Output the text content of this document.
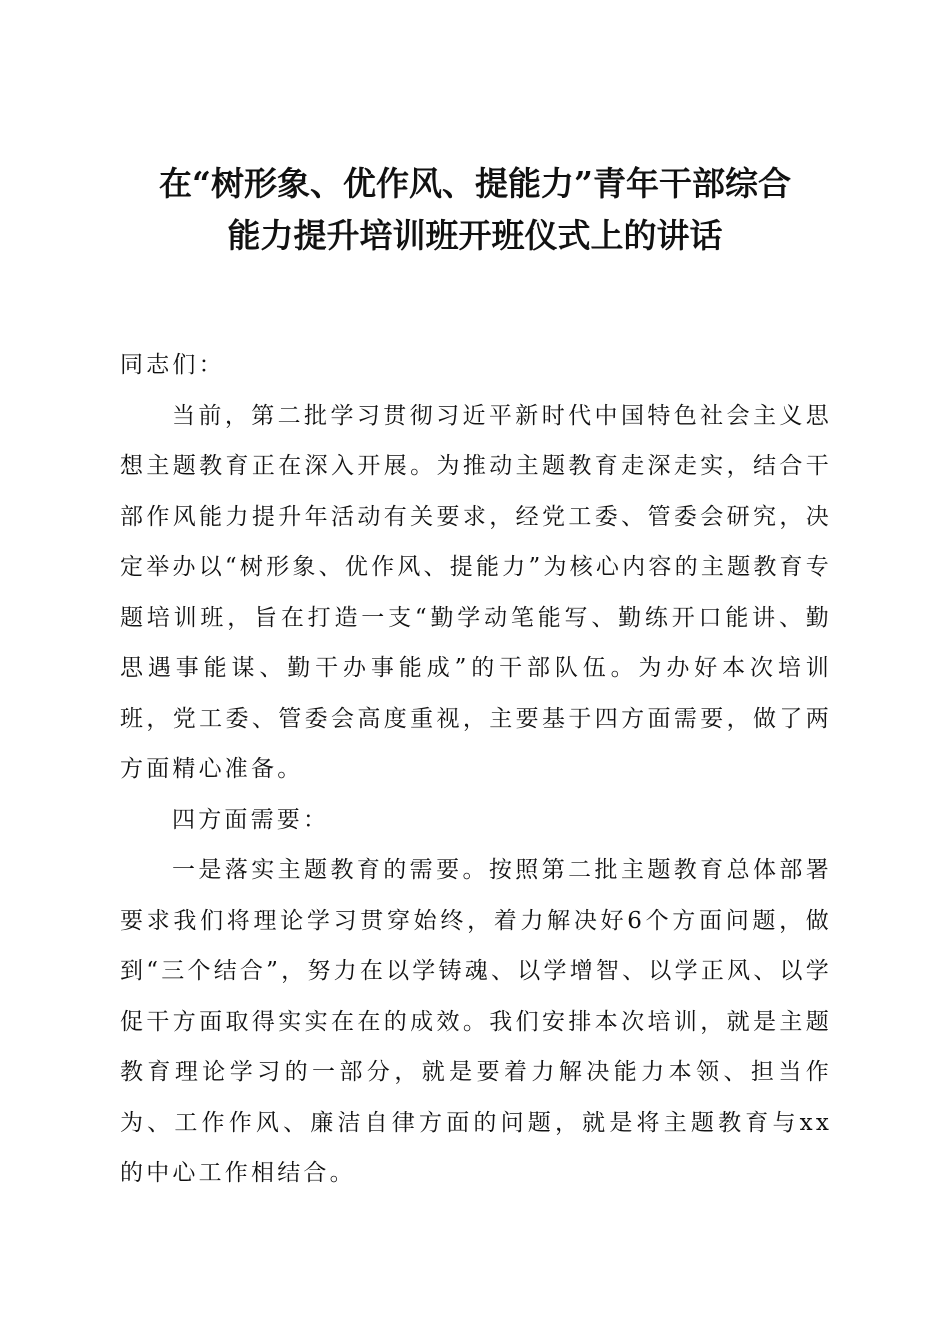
在“树形象、优作风、提能力”青年干部综合
能力提升培训班开班仪式上的讲话

同志们：

当前，第二批学习贯彻习近平新时代中国特色社会主义思想主题教育正在深入开展。为推动主题教育走深走实，结合干部作风能力提升年活动有关要求，经党工委、管委会研究，决定举办以“树形象、优作风、提能力”为核心内容的主题教育专题培训班，旨在打造一支“勤学动笔能写、勤练开口能讲、勤思遇事能谋、勤干办事能成”的干部队伍。为办好本次培训班，党工委、管委会高度重视，主要基于四方面需要，做了两方面精心准备。

四方面需要：

一是落实主题教育的需要。按照第二批主题教育总体部署要求我们将理论学习贯穿始终，着力解决好6个方面问题，做到“三个结合”，努力在以学铸魂、以学增智、以学正风、以学促干方面取得实实在在的成效。我们安排本次培训，就是主题教育理论学习的一部分，就是要着力解决能力本领、担当作为、工作作风、廉洁自律方面的问题，就是将主题教育与xx的中心工作相结合。
